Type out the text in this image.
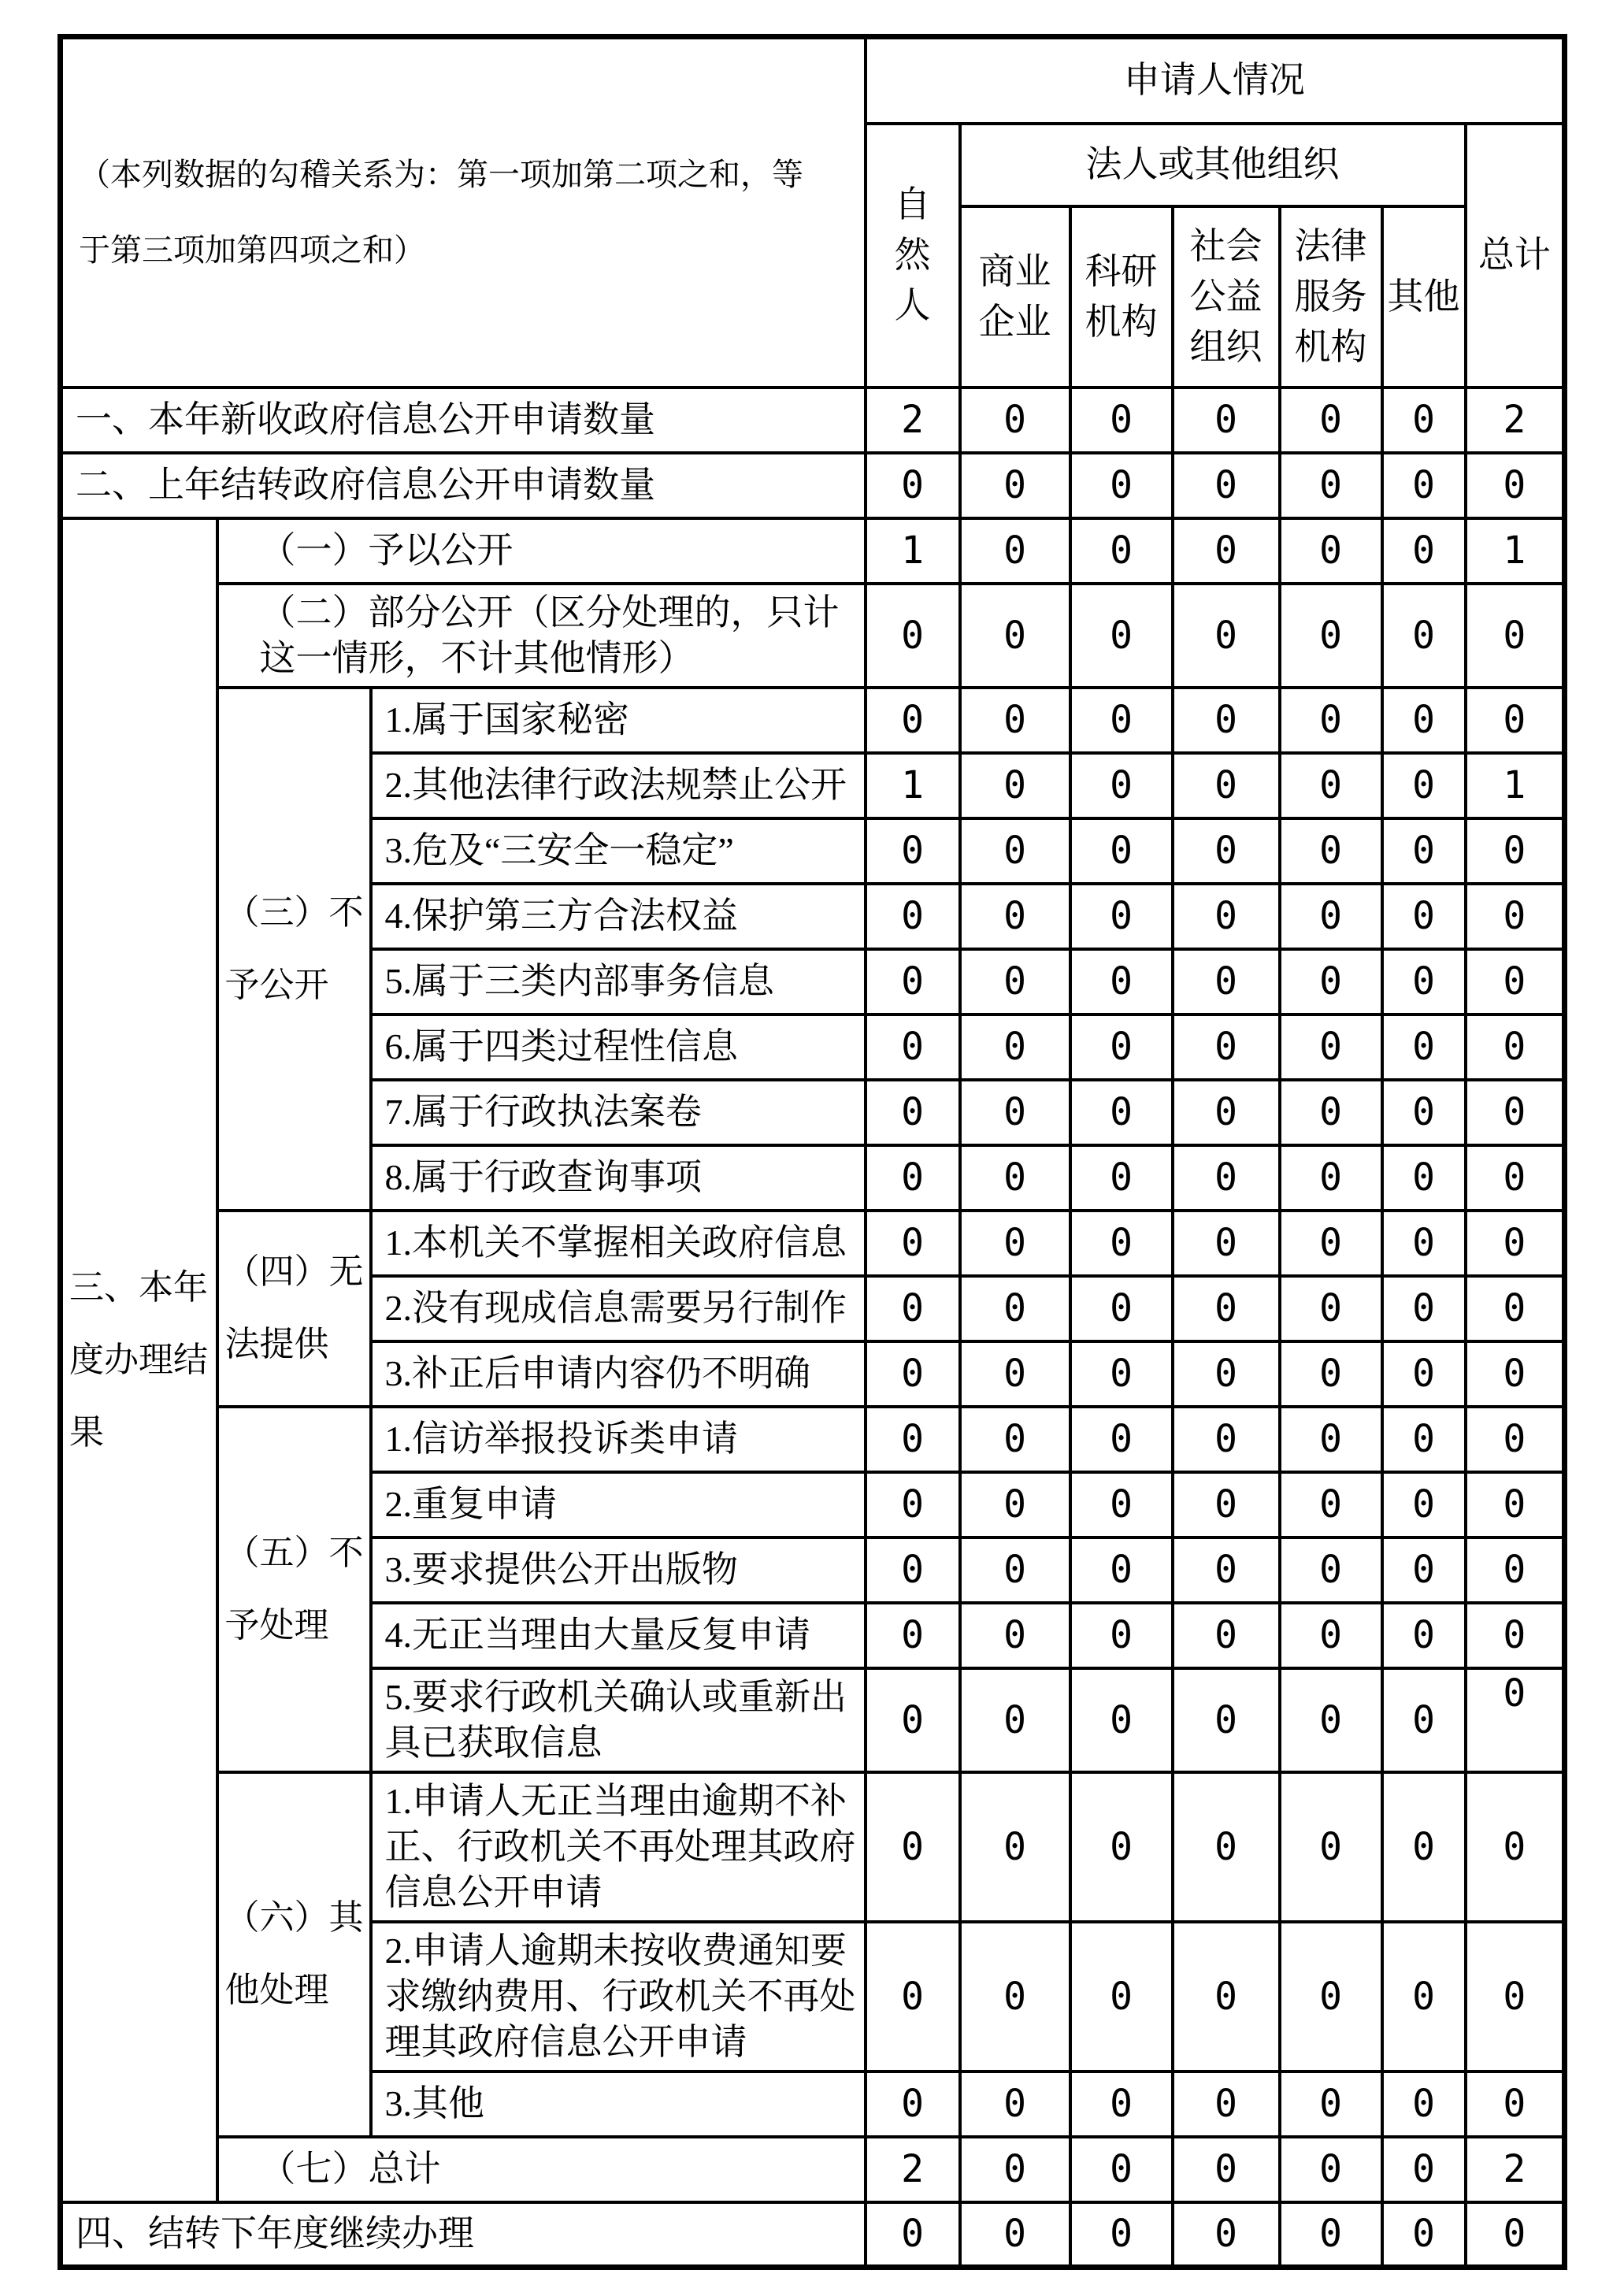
（本列数据的勾稽关系为：第一项加第二项之和，等
于第三项加第四项之和）			申请人情况						

			自然人	法人或其他组织					总计
				商业企业	科研机构	社会公益组织	法律服务机构	其他	
一、本年新收政府信息公开申请数量			2	0	0	0	0	0	2
二、上年结转政府信息公开申请数量			0	0	0	0	0	0	0
三、本年度办理结果	（一）予以公开		1	0	0	0	0	0	1
	（二）部分公开（区分处理的，只计这一情形，不计其他情形）		0	0	0	0	0	0	0
	（三）不予公开	1.属于国家秘密	0	0	0	0	0	0	0
		2.其他法律行政法规禁止公开	1	0	0	0	0	0	1
		3.危及“三安全一稳定”	0	0	0	0	0	0	0
		4.保护第三方合法权益	0	0	0	0	0	0	0
		5.属于三类内部事务信息	0	0	0	0	0	0	0
		6.属于四类过程性信息	0	0	0	0	0	0	0
		7.属于行政执法案卷	0	0	0	0	0	0	0
		8.属于行政查询事项	0	0	0	0	0	0	0
	（四）无法提供	1.本机关不掌握相关政府信息	0	0	0	0	0	0	0
		2.没有现成信息需要另行制作	0	0	0	0	0	0	0
		3.补正后申请内容仍不明确	0	0	0	0	0	0	0
	（五）不予处理	1.信访举报投诉类申请	0	0	0	0	0	0	0
		2.重复申请	0	0	0	0	0	0	0
		3.要求提供公开出版物	0	0	0	0	0	0	0
		4.无正当理由大量反复申请	0	0	0	0	0	0	0
		5.要求行政机关确认或重新出具已获取信息	0	0	0	0	0	0	0
	（六）其他处理	1.申请人无正当理由逾期不补正、行政机关不再处理其政府信息公开申请	0	0	0	0	0	0	0
		2.申请人逾期未按收费通知要求缴纳费用、行政机关不再处理其政府信息公开申请	0	0	0	0	0	0	0
		3.其他	0	0	0	0	0	0	0
	（七）总计		2	0	0	0	0	0	2
四、结转下年度继续办理			0	0	0	0	0	0	0
